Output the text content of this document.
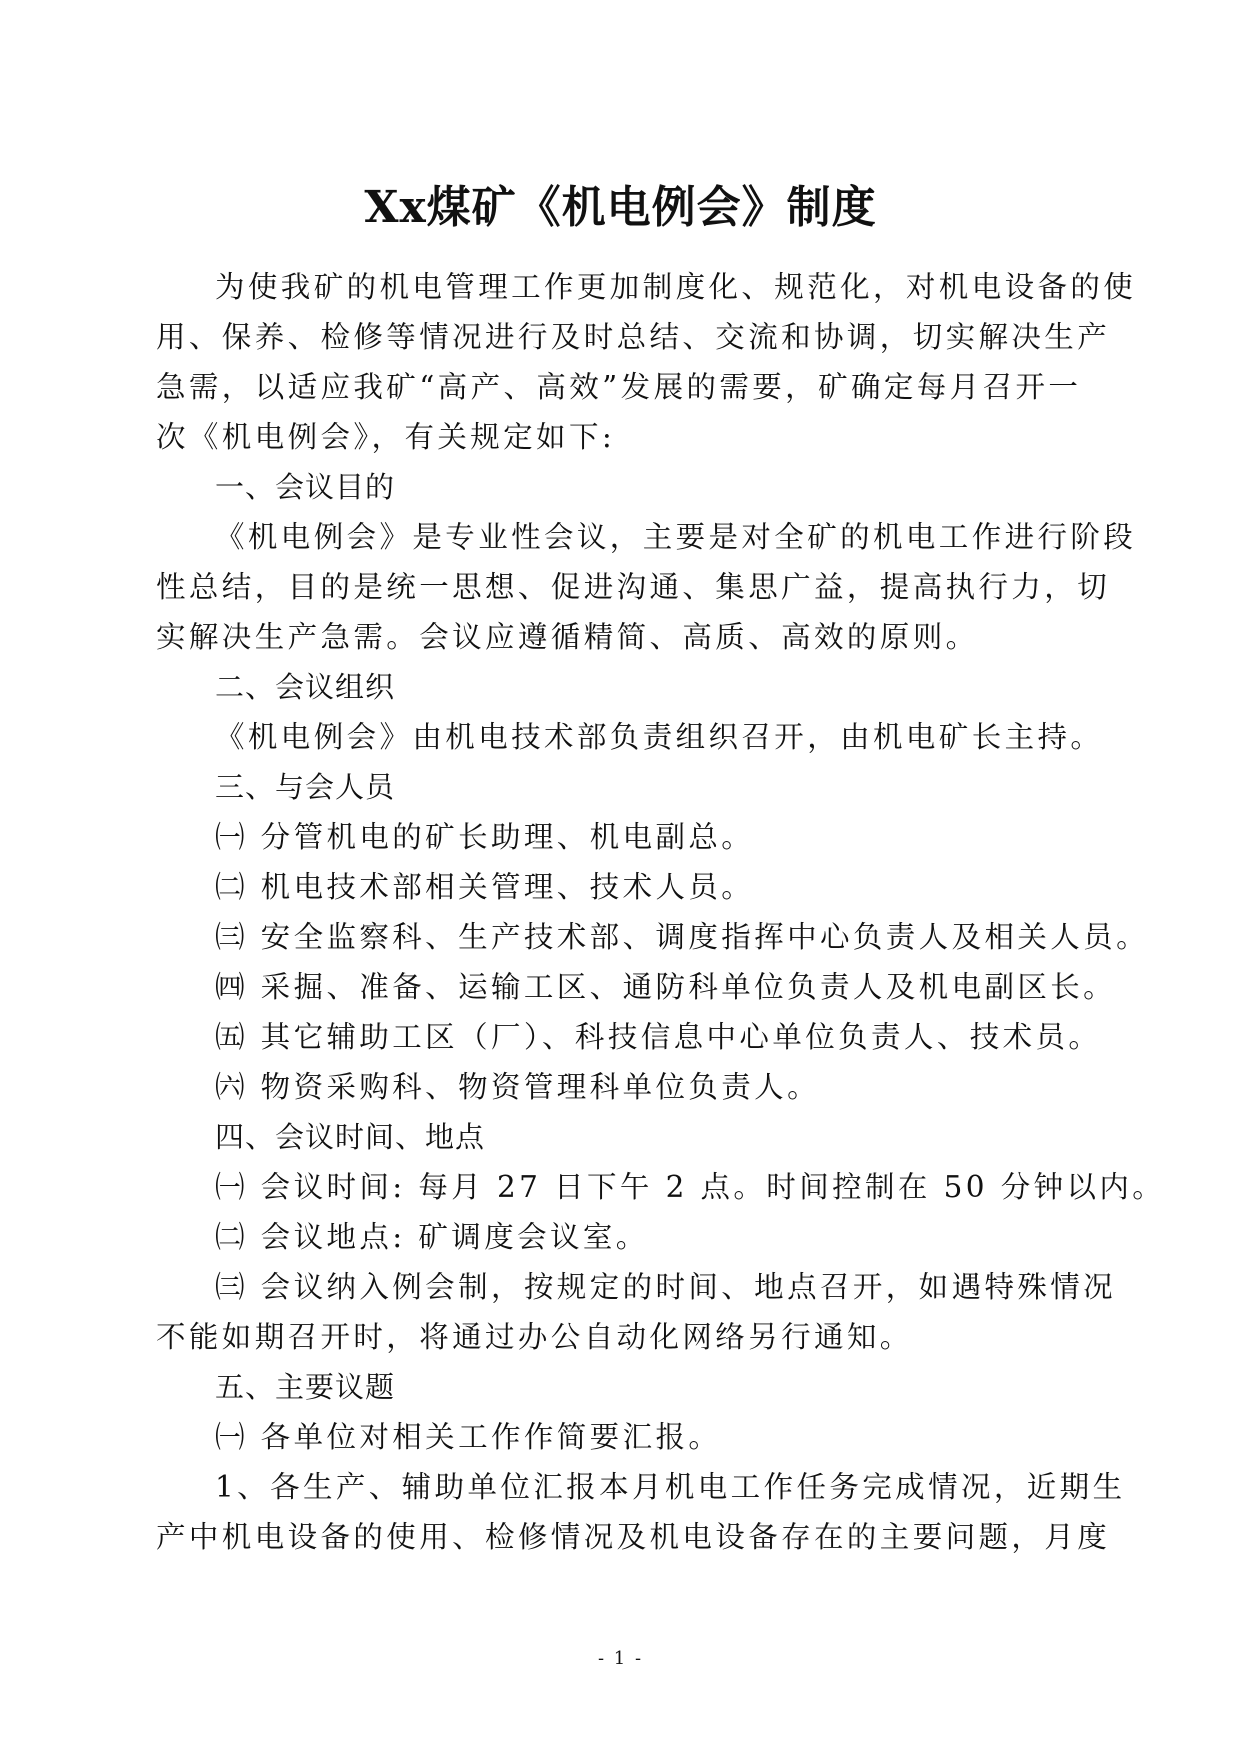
Xx煤矿《机电例会》制度

为使我矿的机电管理工作更加制度化、规范化，对机电设备的使

用、保养、检修等情况进行及时总结、交流和协调，切实解决生产

急需，以适应我矿“高产、高效”发展的需要，矿确定每月召开一

次《机电例会》，有关规定如下:

一、会议目的

《机电例会》是专业性会议，主要是对全矿的机电工作进行阶段

性总结，目的是统一思想、促进沟通、集思广益，提高执行力，切

实解决生产急需。会议应遵循精简、高质、高效的原则。

二、会议组织

《机电例会》由机电技术部负责组织召开，由机电矿长主持。

三、与会人员

㈠ 分管机电的矿长助理、机电副总。

㈡ 机电技术部相关管理、技术人员。

㈢ 安全监察科、生产技术部、调度指挥中心负责人及相关人员。

㈣ 采掘、准备、运输工区、通防科单位负责人及机电副区长。

㈤ 其它辅助工区（厂）、科技信息中心单位负责人、技术员。

㈥ 物资采购科、物资管理科单位负责人。

四、会议时间、地点

㈠ 会议时间: 每月 27 日下午 2 点。时间控制在 50 分钟以内。

㈡ 会议地点: 矿调度会议室。

㈢ 会议纳入例会制，按规定的时间、地点召开，如遇特殊情况

不能如期召开时，将通过办公自动化网络另行通知。

五、主要议题

㈠ 各单位对相关工作作简要汇报。

1、各生产、辅助单位汇报本月机电工作任务完成情况，近期生

产中机电设备的使用、检修情况及机电设备存在的主要问题，月度

- 1 -
